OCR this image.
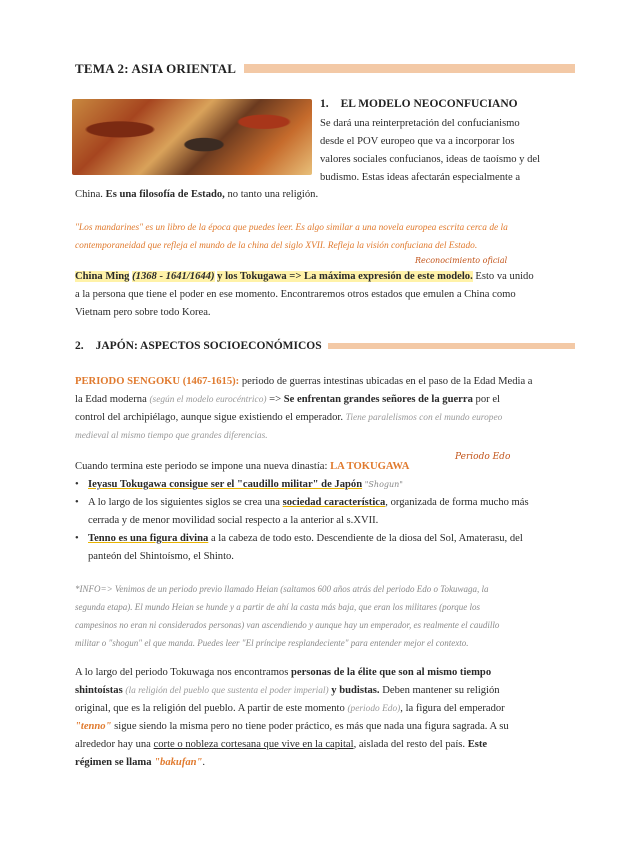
TEMA 2: ASIA ORIENTAL
1. EL MODELO NEOCONFUCIANO
Se dará una reinterpretación del confucianismo
desde el POV europeo que va a incorporar los
valores sociales confucianos, ideas de taoísmo y del
budismo. Estas ideas afectarán especialmente a
China. Es una filosofía de Estado, no tanto una religión.
"Los mandarines" es un libro de la época que puedes leer. Es algo similar a una novela europea escrita cerca de la
contemporaneidad que refleja el mundo de la china del siglo XVII. Refleja la visión confuciana del Estado.
Reconocimiento oficial
China Ming (1368 - 1641/1644) y los Tokugawa => La máxima expresión de este modelo. Esto va unido
a la persona que tiene el poder en ese momento. Encontraremos otros estados que emulen a China como
Vietnam pero sobre todo Korea.
2. JAPÓN: ASPECTOS SOCIOECONÓMICOS
PERIODO SENGOKU (1467-1615): periodo de guerras intestinas ubicadas en el paso de la Edad Media a
la Edad moderna (según el modelo eurocéntrico) => Se enfrentan grandes señores de la guerra por el
control del archipiélago, aunque sigue existiendo el emperador. Tiene paralelismos con el mundo europeo
medieval al mismo tiempo que grandes diferencias.
Periodo Edo
Cuando termina este periodo se impone una nueva dinastía: LA TOKUGAWA
• Ieyasu Tokugawa consigue ser el "caudillo militar" de Japón "Shogun"
• A lo largo de los siguientes siglos se crea una sociedad característica, organizada de forma mucho más
cerrada y de menor movilidad social respecto a la anterior al s.XVII.
• Tenno es una figura divina a la cabeza de todo esto. Descendiente de la diosa del Sol, Amaterasu, del
panteón del Shintoísmo, el Shinto.
*INFO=> Venimos de un periodo previo llamado Heian (saltamos 600 años atrás del periodo Edo o Tokuwaga, la
segunda etapa). El mundo Heian se hunde y a partir de ahí la casta más baja, que eran los militares (porque los
campesinos no eran ni considerados personas) van ascendiendo y aunque hay un emperador, es realmente el caudillo
militar o "shogun" el que manda. Puedes leer "El príncipe resplandeciente" para entender mejor el contexto.
A lo largo del periodo Tokuwaga nos encontramos personas de la élite que son al mismo tiempo
shintoístas (la religión del pueblo que sustenta el poder imperial) y budistas. Deben mantener su religión
original, que es la religión del pueblo. A partir de este momento (periodo Edo), la figura del emperador
"tenno" sigue siendo la misma pero no tiene poder práctico, es más que nada una figura sagrada. A su
alrededor hay una corte o nobleza cortesana que vive en la capital, aislada del resto del país. Este
régimen se llama "bakufan".
